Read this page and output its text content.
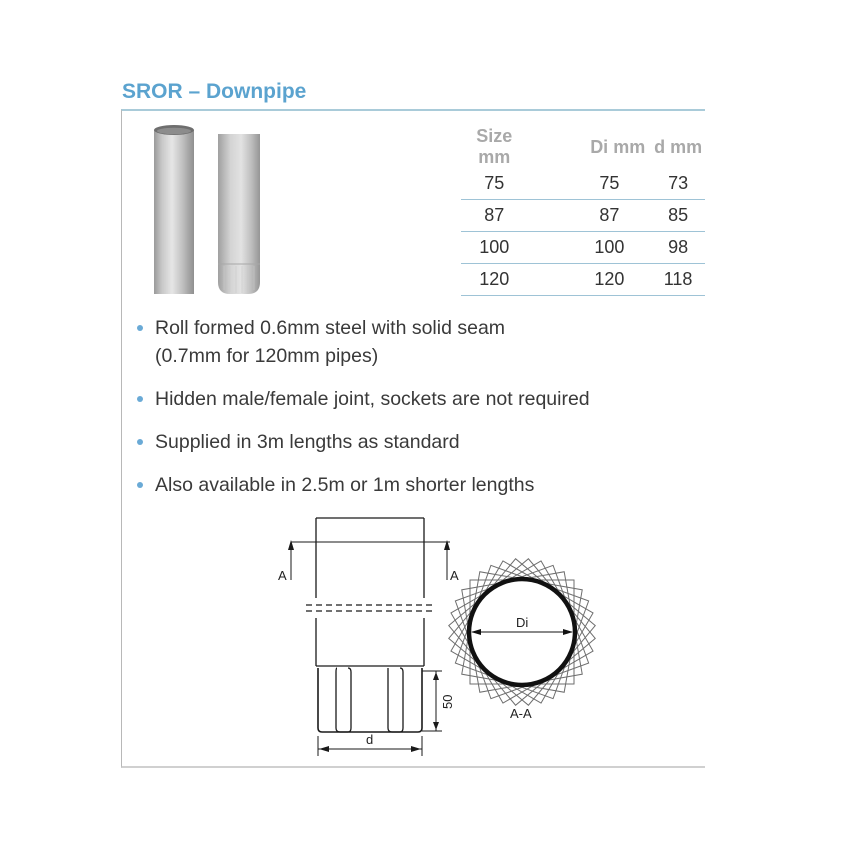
SROR – Downpipe
Size mm	Di mm	d mm
75	75	73
87	87	85
100	100	98
120	120	118
Roll formed 0.6mm steel with solid seam
(0.7mm for 120mm pipes)
Hidden male/female joint, sockets are not required
Supplied in 3m lengths as standard
Also available in 2.5m or 1m shorter lengths
A	A
50
d
Di
A-A
